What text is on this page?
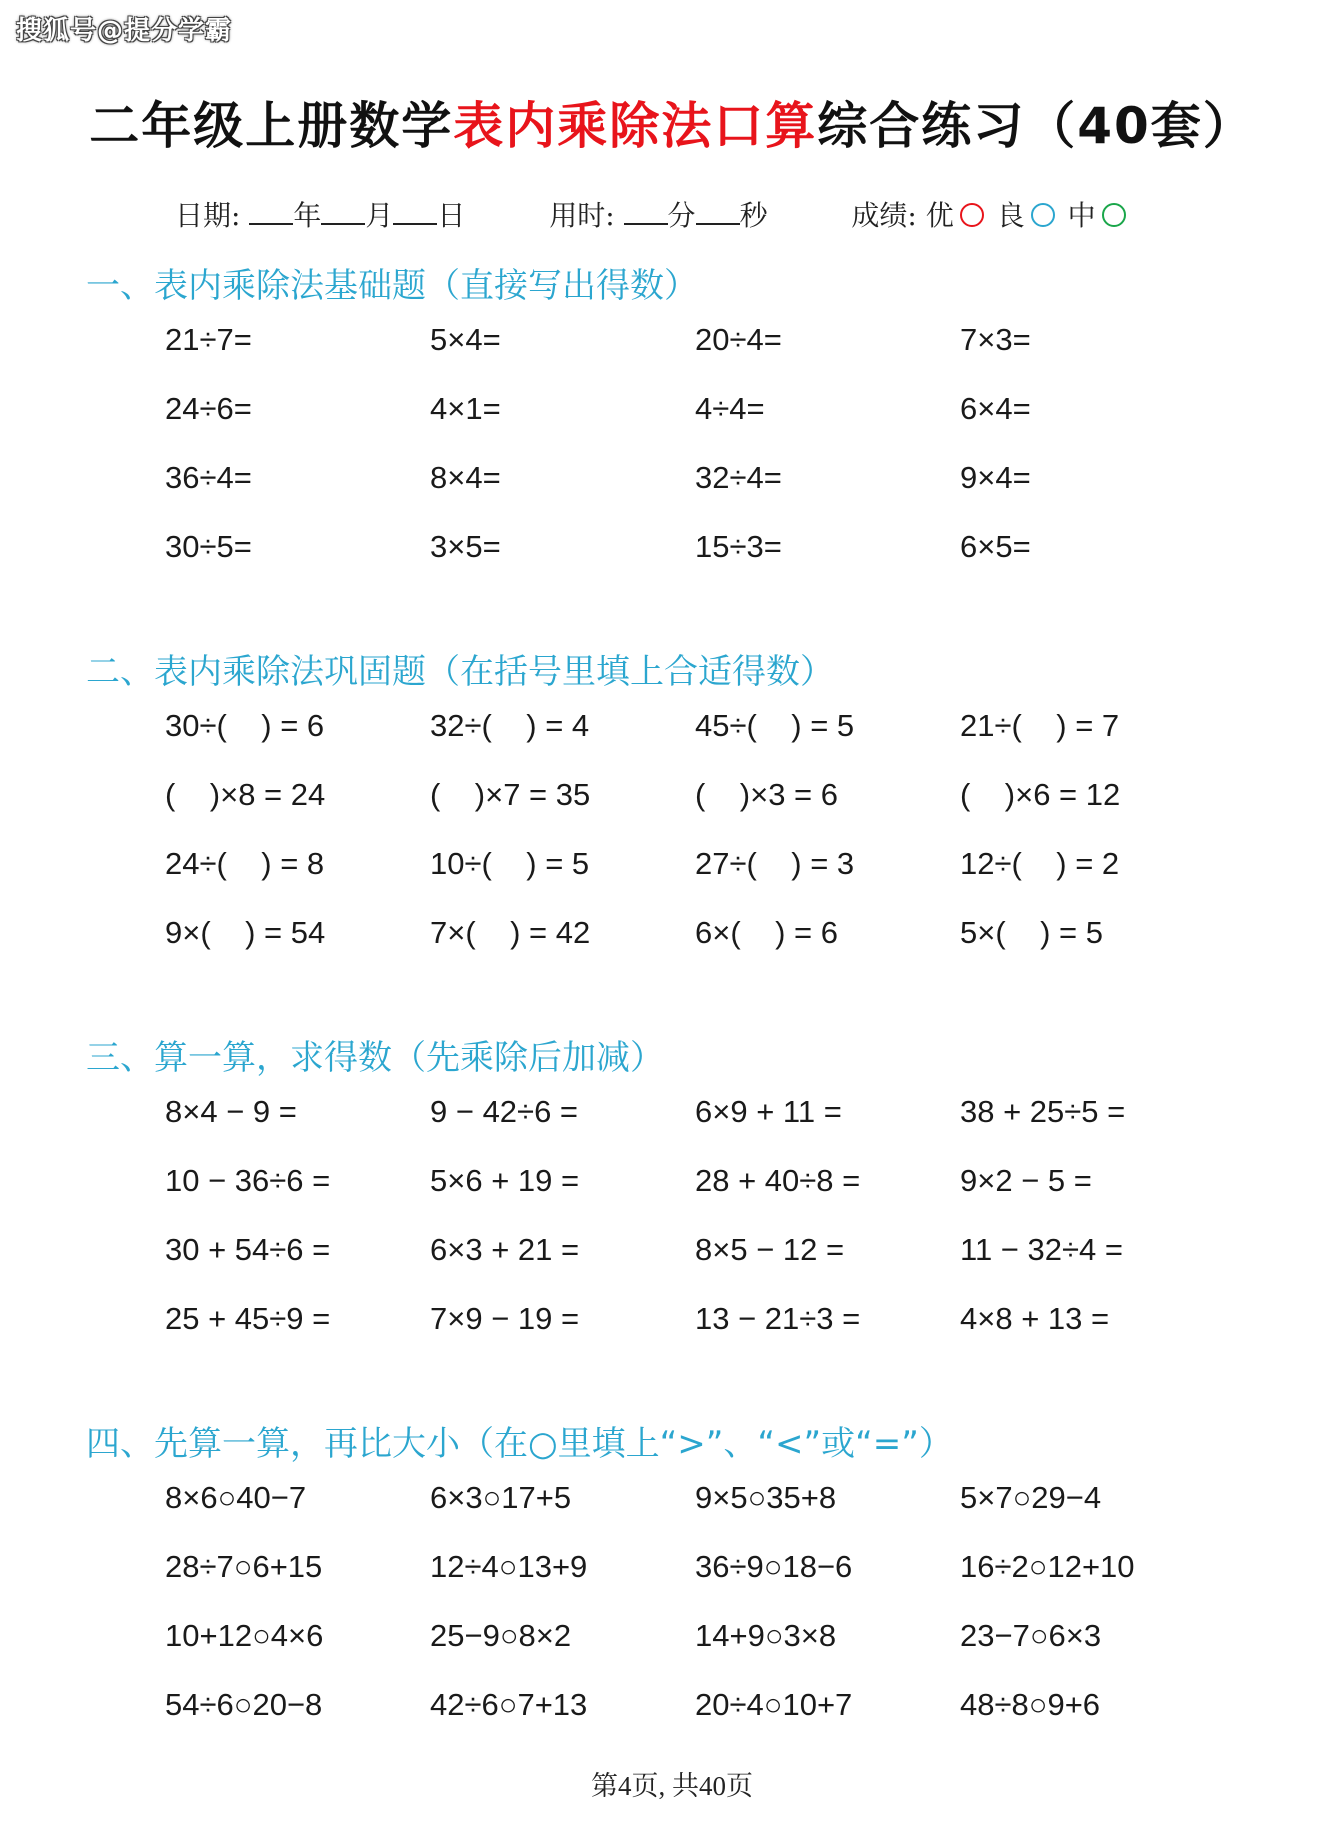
搜狐号@提分学霸
二年级上册数学表内乘除法口算综合练习（40套）
日期: 年 月 日	用时: 分 秒	成绩: 优 良 中
一、表内乘除法基础题（直接写出得数）
21÷7=	5×4=	20÷4=	7×3=
24÷6=	4×1=	4÷4=	6×4=
36÷4=	8×4=	32÷4=	9×4=
30÷5=	3×5=	15÷3=	6×5=
二、表内乘除法巩固题（在括号里填上合适得数）
30÷(    ) = 6	32÷(    ) = 4	45÷(    ) = 5	21÷(    ) = 7
(    )×8 = 24	(    )×7 = 35	(    )×3 = 6	(    )×6 = 12
24÷(    ) = 8	10÷(    ) = 5	27÷(    ) = 3	12÷(    ) = 2
9×(    ) = 54	7×(    ) = 42	6×(    ) = 6	5×(    ) = 5
三、算一算，求得数（先乘除后加减）
8×4 − 9 =	9 − 42÷6 =	6×9 + 11 =	38 + 25÷5 =
10 − 36÷6 =	5×6 + 19 =	28 + 40÷8 =	9×2 − 5 =
30 + 54÷6 =	6×3 + 21 =	8×5 − 12 =	11 − 32÷4 =
25 + 45÷9 =	7×9 − 19 =	13 − 21÷3 =	4×8 + 13 =
四、先算一算，再比大小（在○里填上“>”、“<”或“=”）
8×6○40−7	6×3○17+5	9×5○35+8	5×7○29−4
28÷7○6+15	12÷4○13+9	36÷9○18−6	16÷2○12+10
10+12○4×6	25−9○8×2	14+9○3×8	23−7○6×3
54÷6○20−8	42÷6○7+13	20÷4○10+7	48÷8○9+6
第4页, 共40页
